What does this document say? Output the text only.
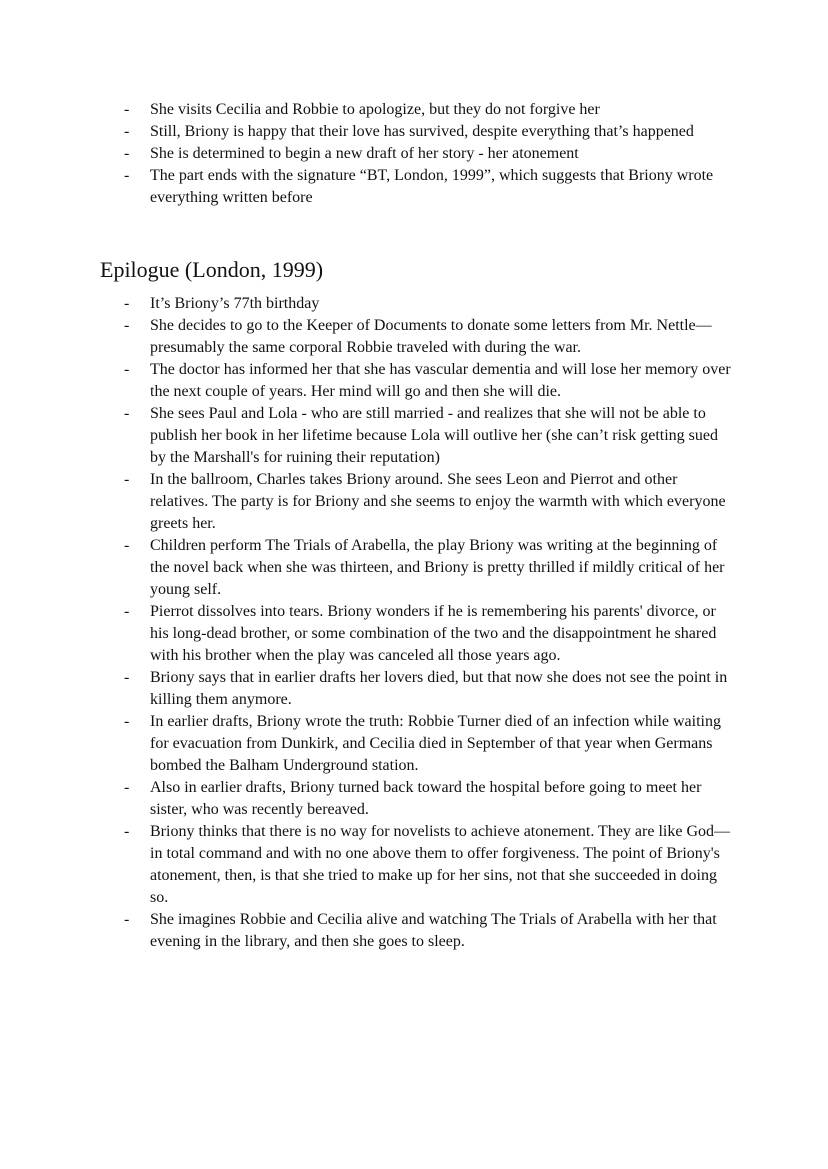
- She visits Cecilia and Robbie to apologize, but they do not forgive her
- Still, Briony is happy that their love has survived, despite everything that’s happened
- She is determined to begin a new draft of her story - her atonement
- The part ends with the signature “BT, London, 1999”, which suggests that Briony wrote everything written before
Epilogue (London, 1999)
- It’s Briony’s 77th birthday
- She decides to go to the Keeper of Documents to donate some letters from Mr. Nettle—presumably the same corporal Robbie traveled with during the war.
- The doctor has informed her that she has vascular dementia and will lose her memory over the next couple of years. Her mind will go and then she will die.
- She sees Paul and Lola - who are still married - and realizes that she will not be able to publish her book in her lifetime because Lola will outlive her (she can’t risk getting sued by the Marshall's for ruining their reputation)
- In the ballroom, Charles takes Briony around. She sees Leon and Pierrot and other relatives. The party is for Briony and she seems to enjoy the warmth with which everyone greets her.
- Children perform The Trials of Arabella, the play Briony was writing at the beginning of the novel back when she was thirteen, and Briony is pretty thrilled if mildly critical of her young self.
- Pierrot dissolves into tears. Briony wonders if he is remembering his parents' divorce, or his long-dead brother, or some combination of the two and the disappointment he shared with his brother when the play was canceled all those years ago.
- Briony says that in earlier drafts her lovers died, but that now she does not see the point in killing them anymore.
- In earlier drafts, Briony wrote the truth: Robbie Turner died of an infection while waiting for evacuation from Dunkirk, and Cecilia died in September of that year when Germans bombed the Balham Underground station.
- Also in earlier drafts, Briony turned back toward the hospital before going to meet her sister, who was recently bereaved.
- Briony thinks that there is no way for novelists to achieve atonement. They are like God—in total command and with no one above them to offer forgiveness. The point of Briony's atonement, then, is that she tried to make up for her sins, not that she succeeded in doing so.
- She imagines Robbie and Cecilia alive and watching The Trials of Arabella with her that evening in the library, and then she goes to sleep.
